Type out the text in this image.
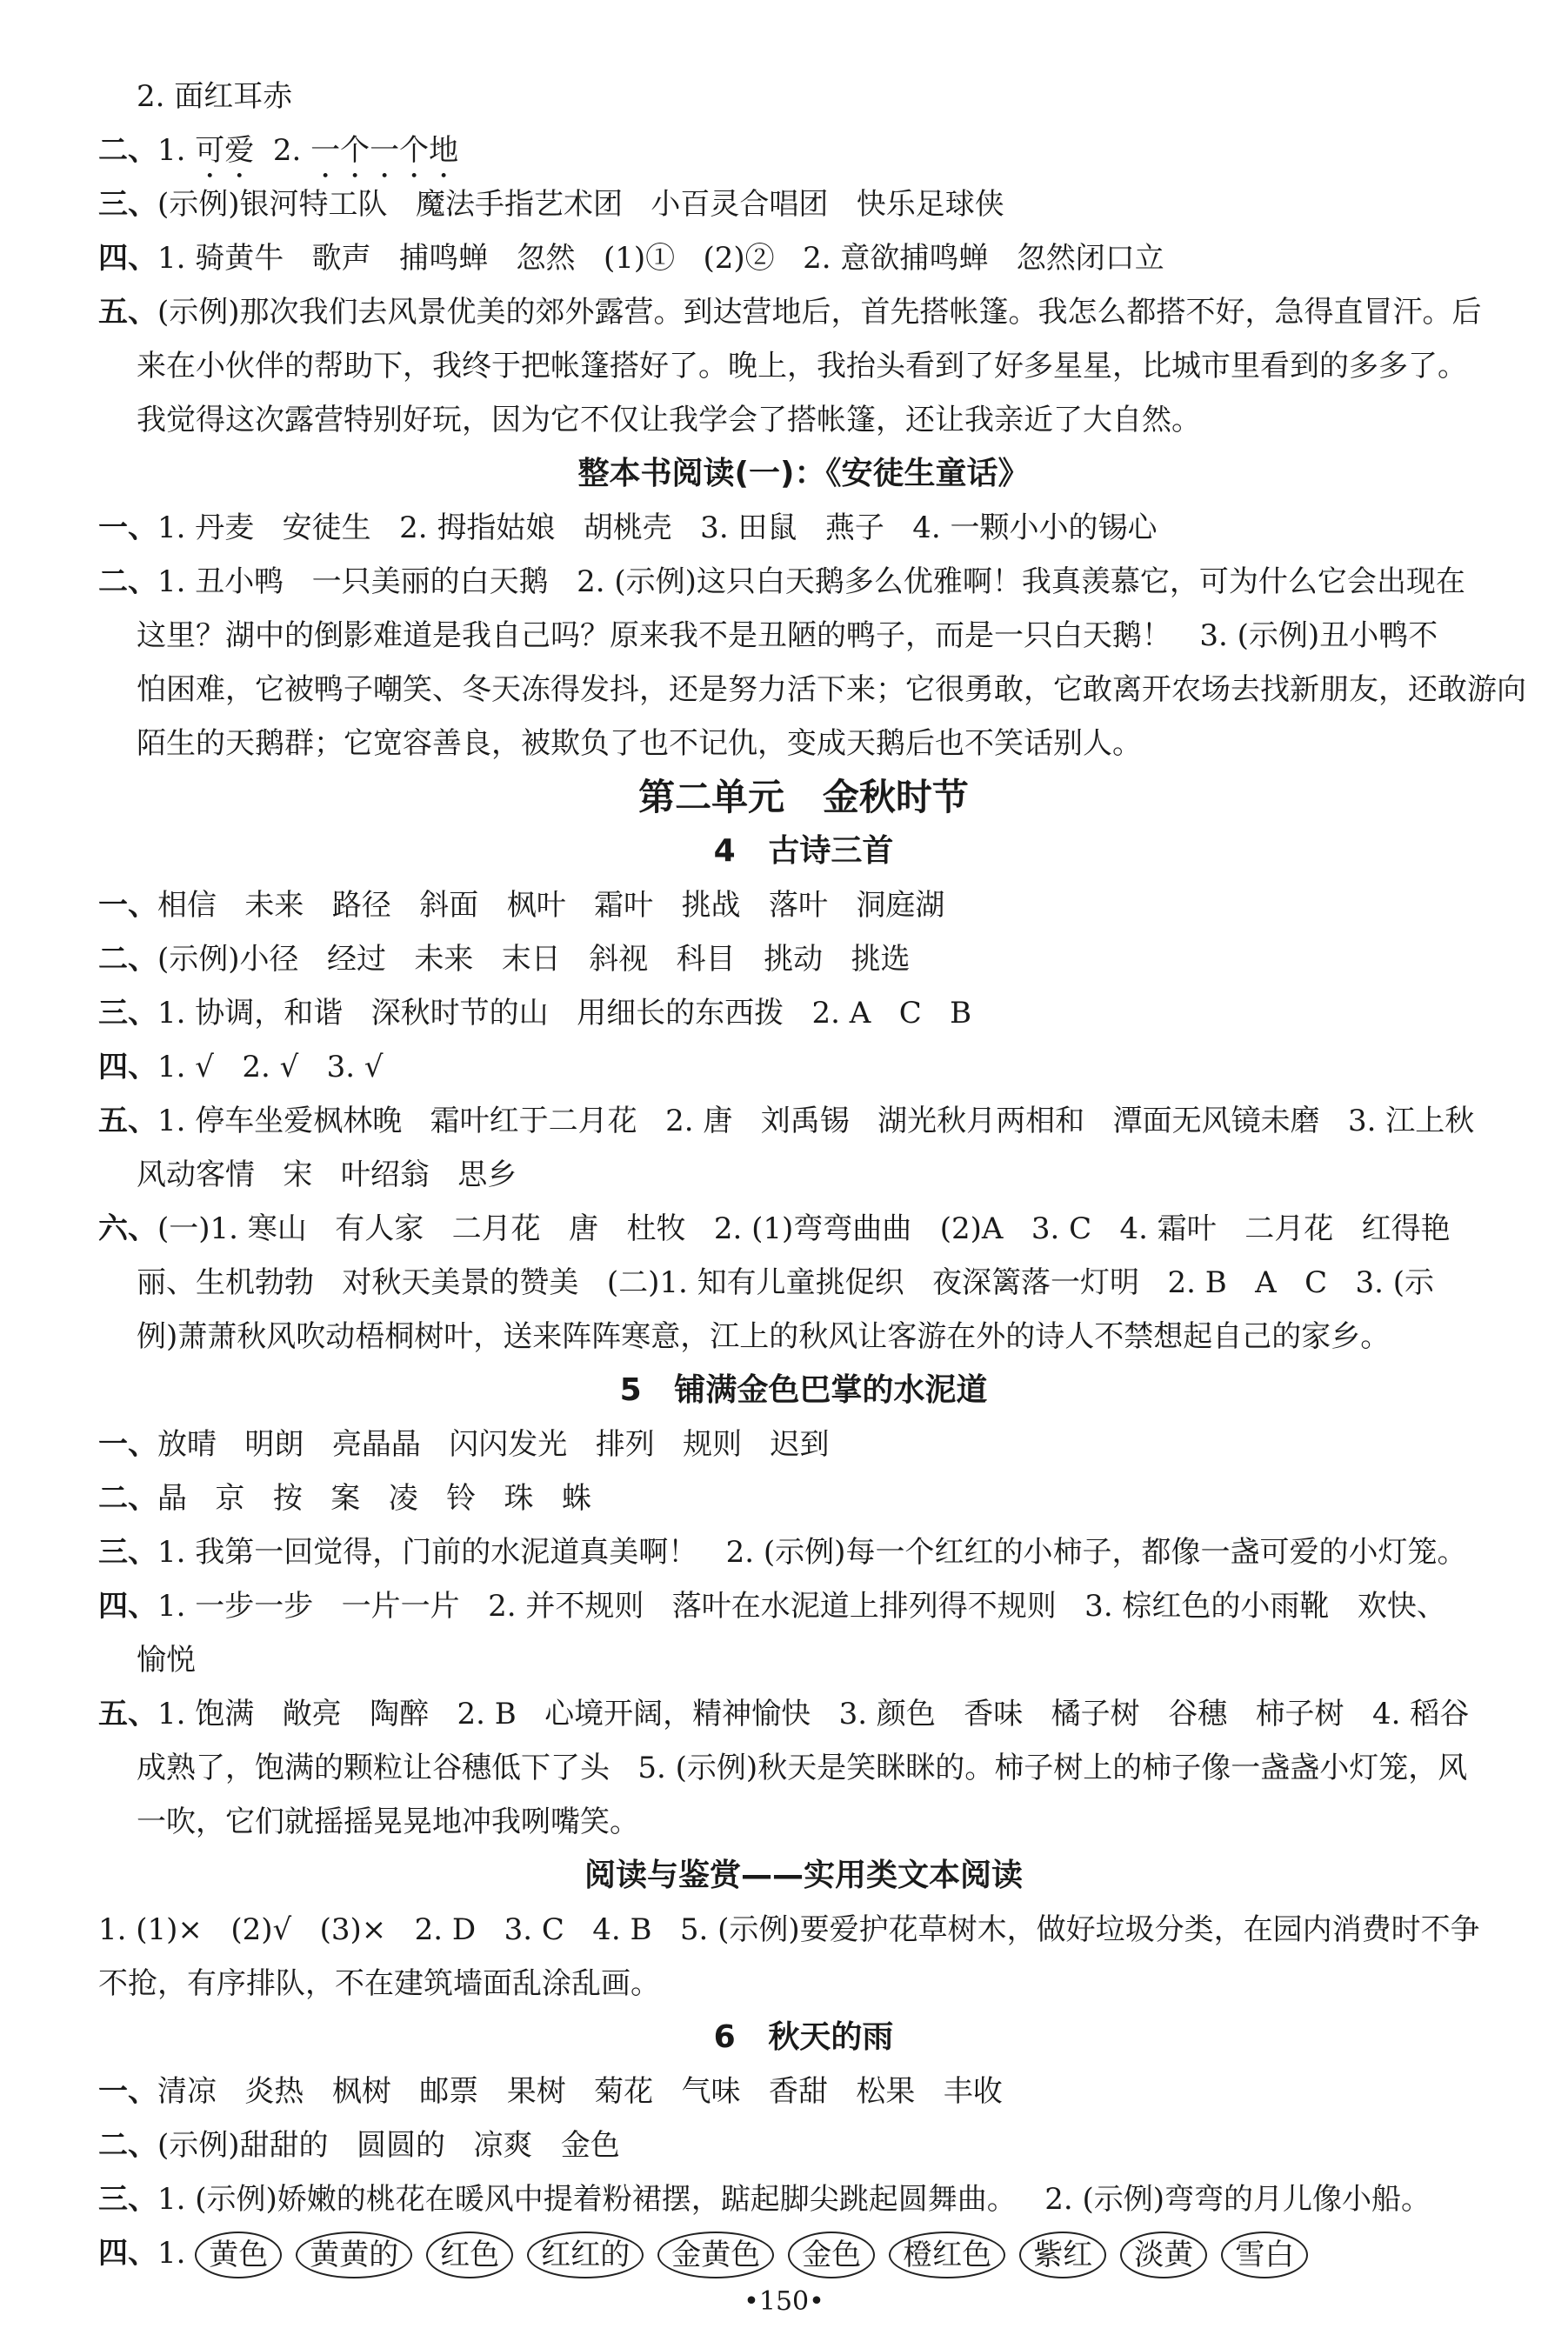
2. 面红耳赤
二、1. 可爱  2. 一个一个地
三、(示例)银河特工队   魔法手指艺术团   小百灵合唱团   快乐足球侠
四、1. 骑黄牛   歌声   捕鸣蝉   忽然   (1)①   (2)②   2. 意欲捕鸣蝉   忽然闭口立
五、(示例)那次我们去风景优美的郊外露营。到达营地后，首先搭帐篷。我怎么都搭不好，急得直冒汗。后
来在小伙伴的帮助下，我终于把帐篷搭好了。晚上，我抬头看到了好多星星，比城市里看到的多多了。
我觉得这次露营特别好玩，因为它不仅让我学会了搭帐篷，还让我亲近了大自然。
整本书阅读(一)：《安徒生童话》
一、1. 丹麦   安徒生   2. 拇指姑娘   胡桃壳   3. 田鼠   燕子   4. 一颗小小的锡心
二、1. 丑小鸭   一只美丽的白天鹅   2. (示例)这只白天鹅多么优雅啊！我真羡慕它，可为什么它会出现在
这里？湖中的倒影难道是我自己吗？原来我不是丑陋的鸭子，而是一只白天鹅！   3. (示例)丑小鸭不
怕困难，它被鸭子嘲笑、冬天冻得发抖，还是努力活下来；它很勇敢，它敢离开农场去找新朋友，还敢游向
陌生的天鹅群；它宽容善良，被欺负了也不记仇，变成天鹅后也不笑话别人。
第二单元   金秋时节
4   古诗三首
一、相信   未来   路径   斜面   枫叶   霜叶   挑战   落叶   洞庭湖
二、(示例)小径   经过   未来   末日   斜视   科目   挑动   挑选
三、1. 协调，和谐   深秋时节的山   用细长的东西拨   2. A   C   B
四、1. √   2. √   3. √
五、1. 停车坐爱枫林晚   霜叶红于二月花   2. 唐   刘禹锡   湖光秋月两相和   潭面无风镜未磨   3. 江上秋
风动客情   宋   叶绍翁   思乡
六、(一)1. 寒山   有人家   二月花   唐   杜牧   2. (1)弯弯曲曲   (2)A   3. C   4. 霜叶   二月花   红得艳
丽、生机勃勃   对秋天美景的赞美   (二)1. 知有儿童挑促织   夜深篱落一灯明   2. B   A   C   3. (示
例)萧萧秋风吹动梧桐树叶，送来阵阵寒意，江上的秋风让客游在外的诗人不禁想起自己的家乡。
5   铺满金色巴掌的水泥道
一、放晴   明朗   亮晶晶   闪闪发光   排列   规则   迟到
二、晶   京   按   案   凌   铃   珠   蛛
三、1. 我第一回觉得，门前的水泥道真美啊！   2. (示例)每一个红红的小柿子，都像一盏可爱的小灯笼。
四、1. 一步一步   一片一片   2. 并不规则   落叶在水泥道上排列得不规则   3. 棕红色的小雨靴   欢快、
愉悦
五、1. 饱满   敞亮   陶醉   2. B   心境开阔，精神愉快   3. 颜色   香味   橘子树   谷穗   柿子树   4. 稻谷
成熟了，饱满的颗粒让谷穗低下了头   5. (示例)秋天是笑眯眯的。柿子树上的柿子像一盏盏小灯笼，风
一吹，它们就摇摇晃晃地冲我咧嘴笑。
阅读与鉴赏——实用类文本阅读
1. (1)×   (2)√   (3)×   2. D   3. C   4. B   5. (示例)要爱护花草树木，做好垃圾分类，在园内消费时不争
不抢，有序排队，不在建筑墙面乱涂乱画。
6   秋天的雨
一、清凉   炎热   枫树   邮票   果树   菊花   气味   香甜   松果   丰收
二、(示例)甜甜的   圆圆的   凉爽   金色
三、1. (示例)娇嫩的桃花在暖风中提着粉裙摆，踮起脚尖跳起圆舞曲。   2. (示例)弯弯的月儿像小船。
四、1. 黄色 黄黄的 红色 红红的 金黄色 金色 橙红色 紫红 淡黄 雪白
•150•
